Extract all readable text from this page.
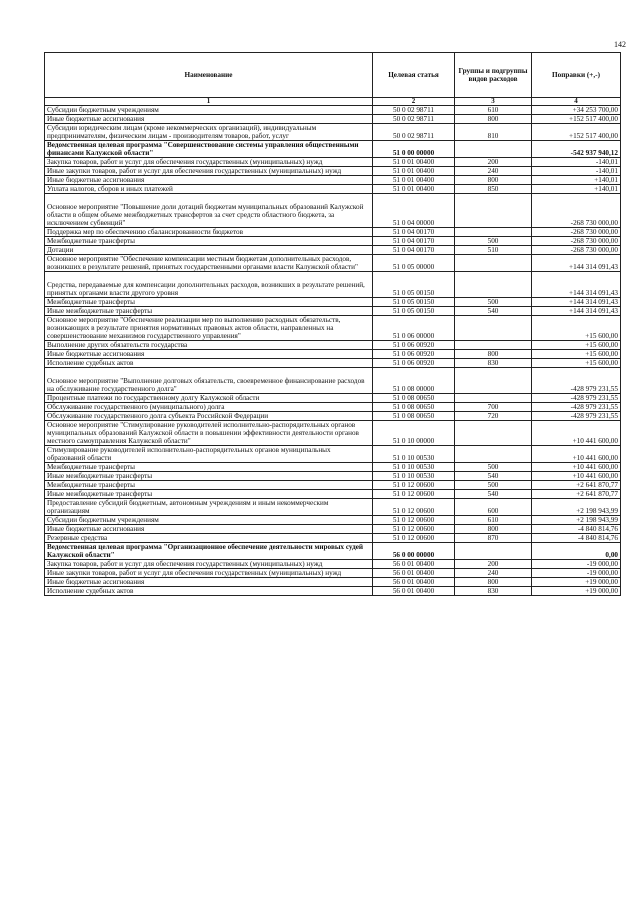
142
Наименование	Целевая статья	Группы и подгруппы видов расходов	Поправки (+,-)
1	2	3	4
Субсидии бюджетным учреждениям	50 0 02 98711	610	+34 253 700,00
Иные бюджетные ассигнования	50 0 02 98711	800	+152 517 400,00
Субсидии юридическим лицам (кроме некоммерческих организаций), индивидуальным предпринимателям, физическим лицам - производителям товаров, работ, услуг	50 0 02 98711	810	+152 517 400,00
Ведомственная целевая программа "Совершенствование системы управления общественными финансами Калужской области"	51 0 00 00000		-542 937 940,12
Закупка товаров, работ и услуг для обеспечения государственных (муниципальных) нужд	51 0 01 00400	200	-140,01
Иные закупки товаров, работ и услуг для обеспечения государственных (муниципальных) нужд	51 0 01 00400	240	-140,01
Иные бюджетные ассигнования	51 0 01 00400	800	+140,01
Уплата налогов, сборов и иных платежей	51 0 01 00400	850	+140,01
Основное мероприятие "Повышение доли дотаций бюджетам муниципальных образований Калужской области в общем объеме межбюджетных трансфертов за счет средств областного бюджета, за исключением субвенций"	51 0 04 00000		-268 730 000,00
Поддержка мер по обеспечению сбалансированности бюджетов	51 0 04 00170		-268 730 000,00
Межбюджетные трансферты	51 0 04 00170	500	-268 730 000,00
Дотации	51 0 04 00170	510	-268 730 000,00
Основное мероприятие "Обеспечение компенсации местным бюджетам дополнительных расходов, возникших в результате решений, принятых государственными органами власти Калужской области"	51 0 05 00000		+144 314 091,43
Средства, передаваемые для компенсации дополнительных расходов, возникших в результате решений, принятых органами власти другого уровня	51 0 05 00150		+144 314 091,43
Межбюджетные трансферты	51 0 05 00150	500	+144 314 091,43
Иные межбюджетные трансферты	51 0 05 00150	540	+144 314 091,43
Основное мероприятие "Обеспечение реализации мер по выполнению расходных обязательств, возникающих в результате принятия нормативных правовых актов области, направленных на совершенствование механизмов государственного управления"	51 0 06 00000		+15 600,00
Выполнение других обязательств государства	51 0 06 00920		+15 600,00
Иные бюджетные ассигнования	51 0 06 00920	800	+15 600,00
Исполнение судебных актов	51 0 06 00920	830	+15 600,00
Основное мероприятие "Выполнение долговых обязательств, своевременное финансирование расходов на обслуживание государственного долга"	51 0 08 00000		-428 979 231,55
Процентные платежи по государственному долгу Калужской области	51 0 08 00650		-428 979 231,55
Обслуживание государственного (муниципального) долга	51 0 08 00650	700	-428 979 231,55
Обслуживание государственного долга субъекта Российской Федерации	51 0 08 00650	720	-428 979 231,55
Основное мероприятие "Стимулирование руководителей исполнительно-распорядительных органов муниципальных образований Калужской области в повышении эффективности деятельности органов местного самоуправления Калужской области"	51 0 10 00000		+10 441 600,00
Стимулирование руководителей исполнительно-распорядительных органов муниципальных образований области	51 0 10 00530		+10 441 600,00
Межбюджетные трансферты	51 0 10 00530	500	+10 441 600,00
Иные межбюджетные трансферты	51 0 10 00530	540	+10 441 600,00
Межбюджетные трансферты	51 0 12 00600	500	+2 641 870,77
Иные межбюджетные трансферты	51 0 12 00600	540	+2 641 870,77
Предоставление субсидий бюджетным, автономным учреждениям и иным некоммерческим организациям	51 0 12 00600	600	+2 198 943,99
Субсидии бюджетным учреждениям	51 0 12 00600	610	+2 198 943,99
Иные бюджетные ассигнования	51 0 12 00600	800	-4 840 814,76
Резервные средства	51 0 12 00600	870	-4 840 814,76
Ведомственная целевая программа "Организационное обеспечение деятельности мировых судей Калужской области"	56 0 00 00000		0,00
Закупка товаров, работ и услуг для обеспечения государственных (муниципальных) нужд	56 0 01 00400	200	-19 000,00
Иные закупки товаров, работ и услуг для обеспечения государственных (муниципальных) нужд	56 0 01 00400	240	-19 000,00
Иные бюджетные ассигнования	56 0 01 00400	800	+19 000,00
Исполнение судебных актов	56 0 01 00400	830	+19 000,00
